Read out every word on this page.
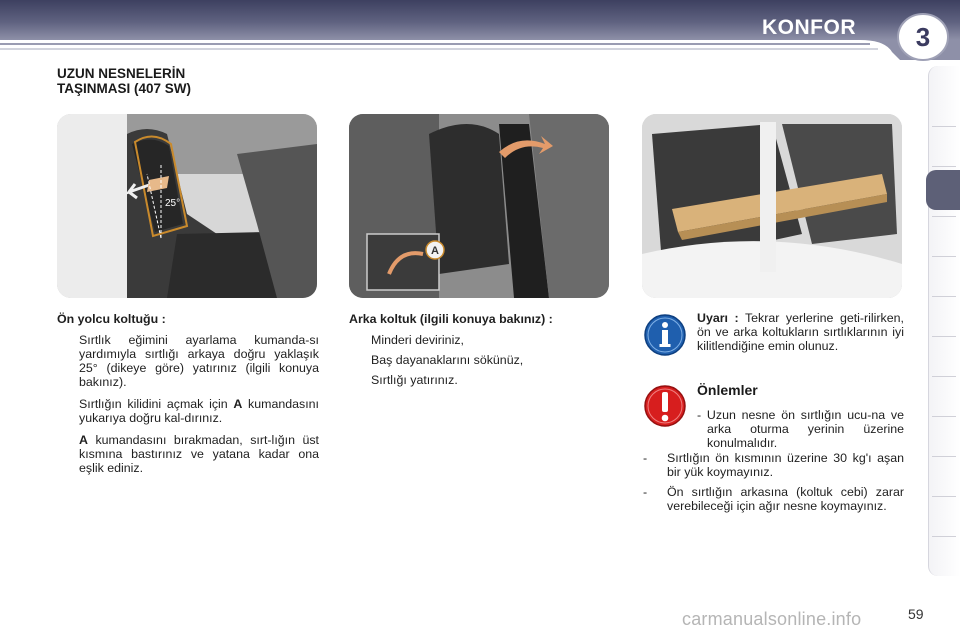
KONFOR	3
UZUN NESNELERİN
TAŞINMASI (407 SW)
25°
A
Ön yolcu koltuğu :
Sırtlık eğimini ayarlama kumanda-sı yardımıyla sırtlığı arkaya doğru yaklaşık 25° (dikeye göre) yatırınız (ilgili konuya bakınız).
Sırtlığın kilidini açmak için A kumandasını yukarıya doğru kal-dırınız.
A kumandasını bırakmadan, sırt-lığın üst kısmına bastırınız ve yatana kadar ona eşlik ediniz.
Arka koltuk (ilgili konuya bakınız) :
Minderi deviriniz,
Baş dayanaklarını sökünüz,
Sırtlığı yatırınız.
Uyarı : Tekrar yerlerine geti-rilirken, ön ve arka koltukların sırtlıklarının iyi kilitlendiğine emin olunuz.
Önlemler
- Uzun nesne ön sırtlığın ucu-na ve arka oturma yerinin üzerine konulmalıdır.
- Sırtlığın ön kısmının üzerine 30 kg'ı aşan bir yük koymayınız.
- Ön sırtlığın arkasına (koltuk cebi) zarar verebileceği için ağır nesne koymayınız.
carmanualsonline.info	59
